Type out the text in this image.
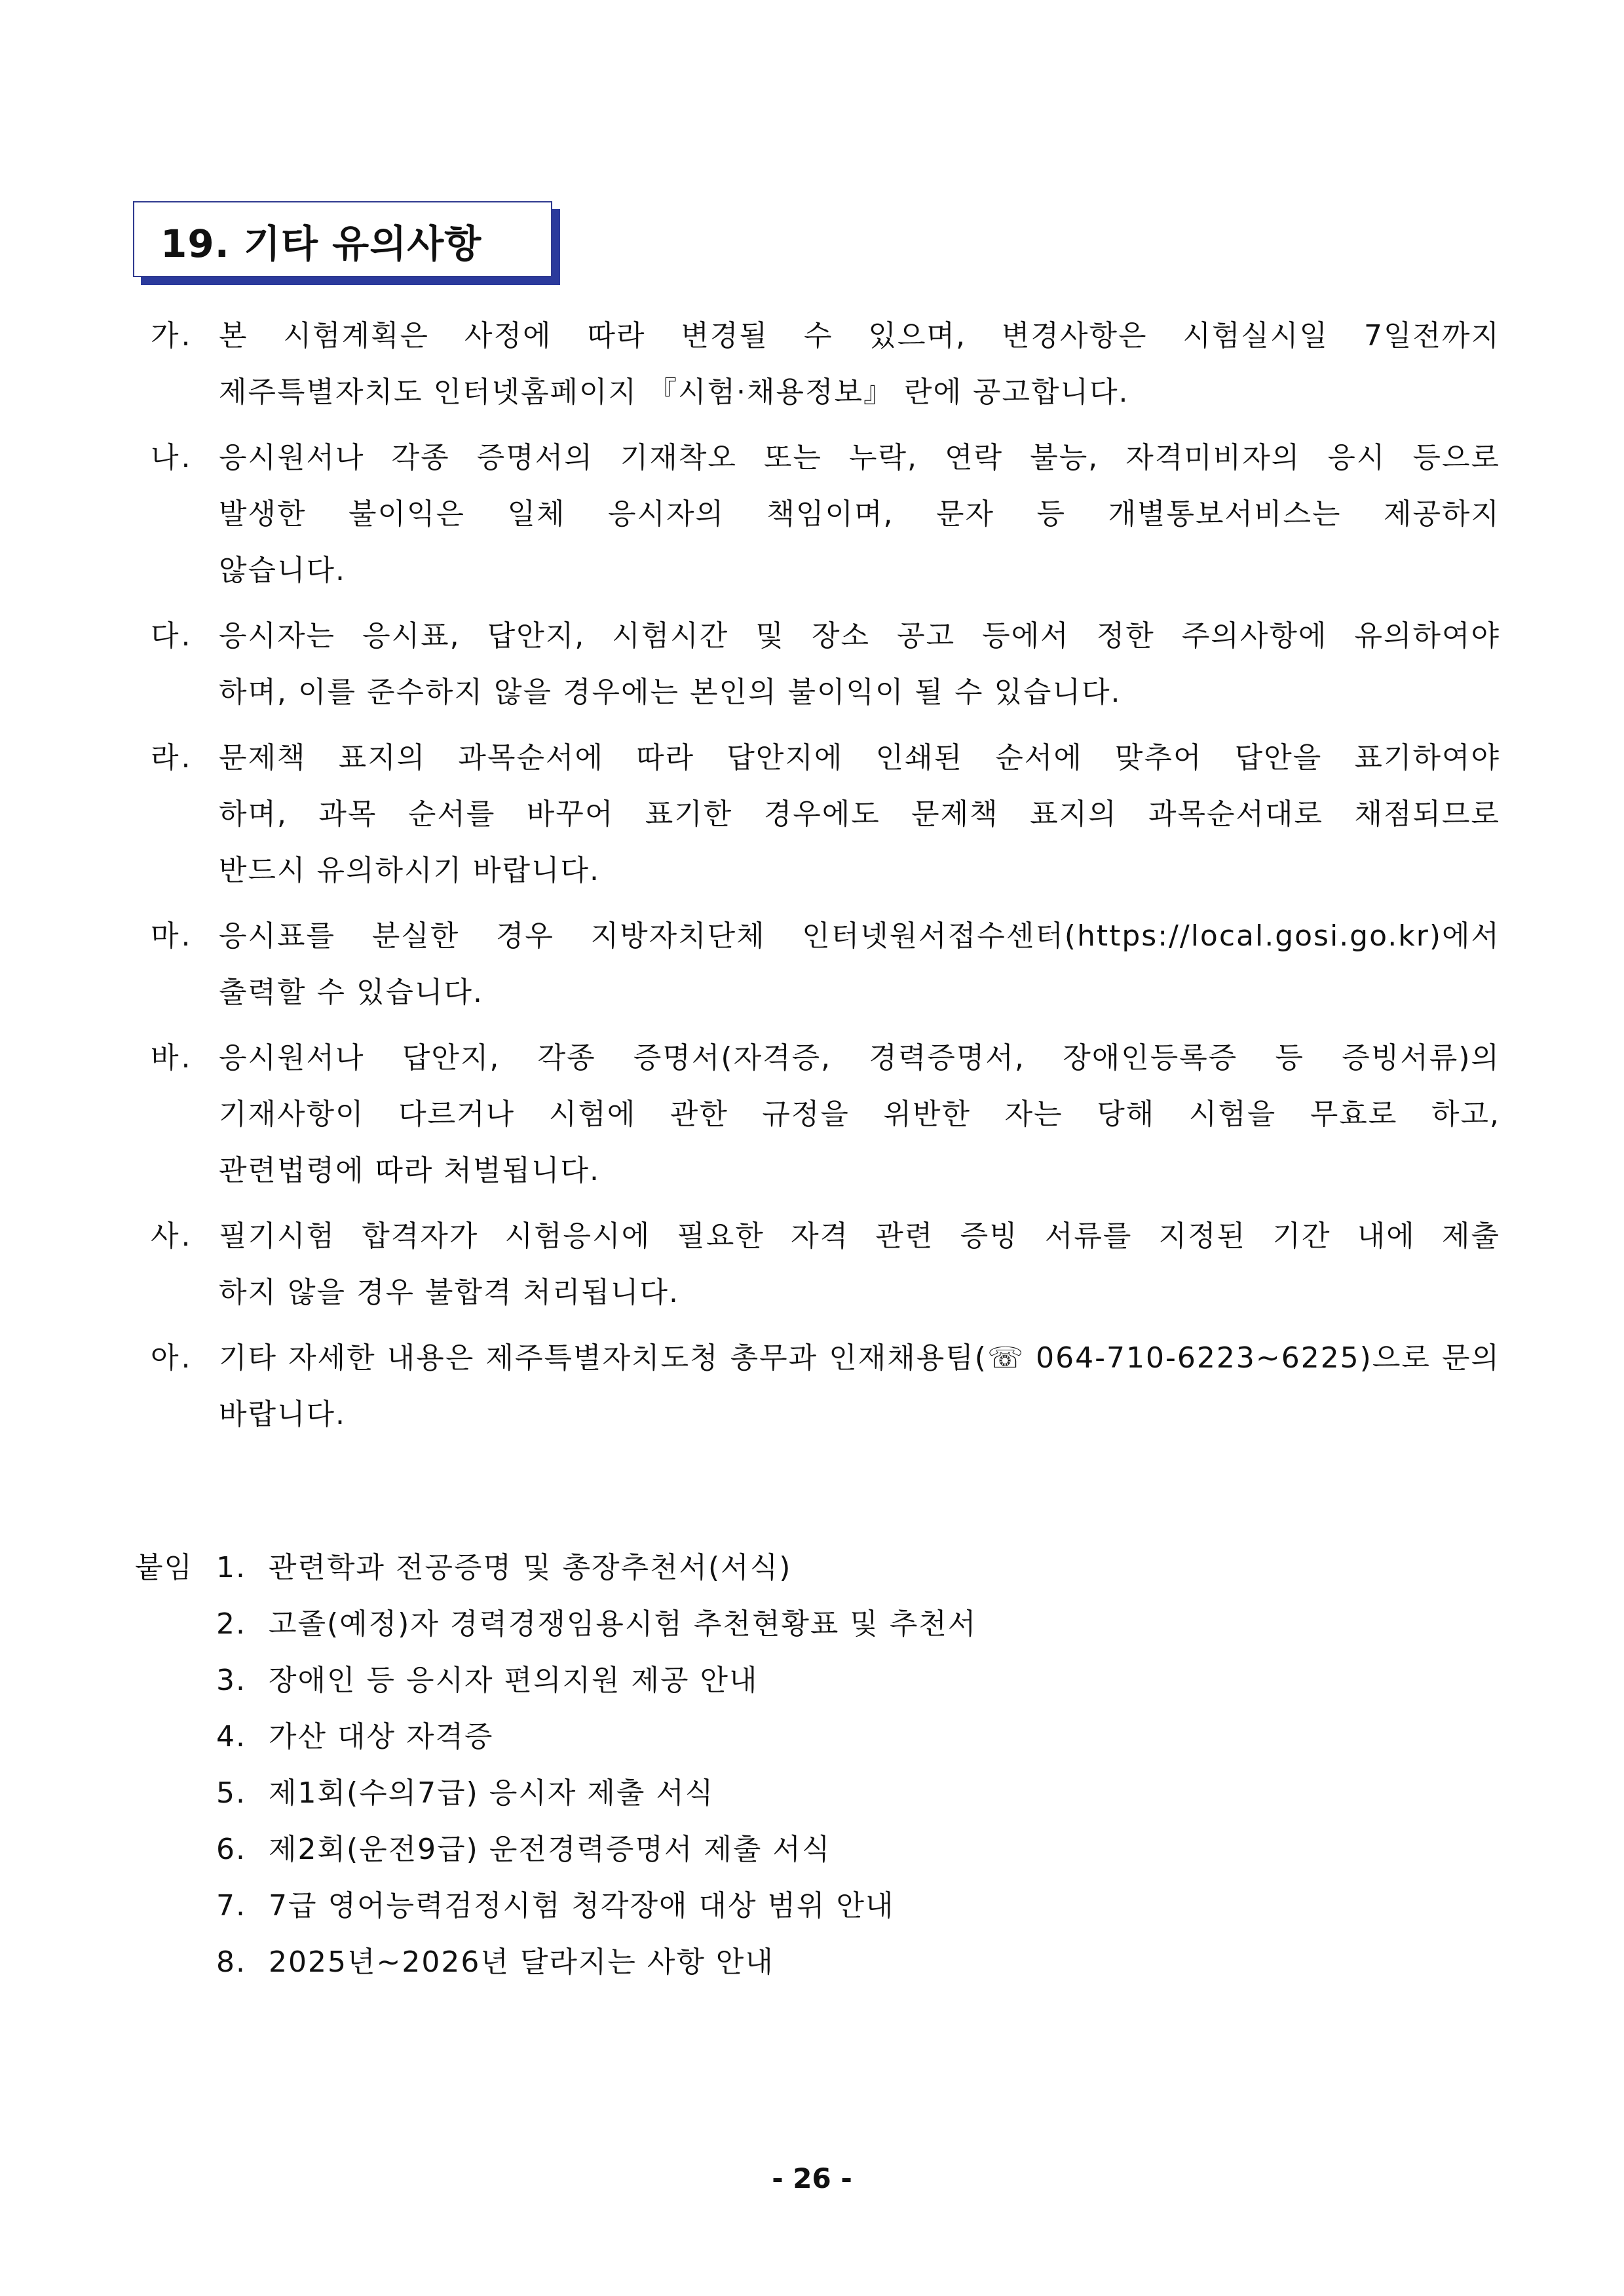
19. 기타 유의사항
가. 본 시험계획은 사정에 따라 변경될 수 있으며, 변경사항은 시험실시일 7일전까지
제주특별자치도 인터넷홈페이지 『시험·채용정보』 란에 공고합니다.
나. 응시원서나 각종 증명서의 기재착오 또는 누락, 연락 불능, 자격미비자의 응시 등으로
발생한 불이익은 일체 응시자의 책임이며, 문자 등 개별통보서비스는 제공하지
않습니다.
다. 응시자는 응시표, 답안지, 시험시간 및 장소 공고 등에서 정한 주의사항에 유의하여야
하며, 이를 준수하지 않을 경우에는 본인의 불이익이 될 수 있습니다.
라. 문제책 표지의 과목순서에 따라 답안지에 인쇄된 순서에 맞추어 답안을 표기하여야
하며, 과목 순서를 바꾸어 표기한 경우에도 문제책 표지의 과목순서대로 채점되므로
반드시 유의하시기 바랍니다.
마. 응시표를 분실한 경우 지방자치단체 인터넷원서접수센터(https://local.gosi.go.kr)에서
출력할 수 있습니다.
바. 응시원서나 답안지, 각종 증명서(자격증, 경력증명서, 장애인등록증 등 증빙서류)의
기재사항이 다르거나 시험에 관한 규정을 위반한 자는 당해 시험을 무효로 하고,
관련법령에 따라 처벌됩니다.
사. 필기시험 합격자가 시험응시에 필요한 자격 관련 증빙 서류를 지정된 기간 내에 제출
하지 않을 경우 불합격 처리됩니다.
아. 기타 자세한 내용은 제주특별자치도청 총무과 인재채용팀(☏ 064-710-6223~6225)으로 문의
바랍니다.
붙임 1. 관련학과 전공증명 및 총장추천서(서식)
2. 고졸(예정)자 경력경쟁임용시험 추천현황표 및 추천서
3. 장애인 등 응시자 편의지원 제공 안내
4. 가산 대상 자격증
5. 제1회(수의7급) 응시자 제출 서식
6. 제2회(운전9급) 운전경력증명서 제출 서식
7. 7급 영어능력검정시험 청각장애 대상 범위 안내
8. 2025년~2026년 달라지는 사항 안내
- 26 -
